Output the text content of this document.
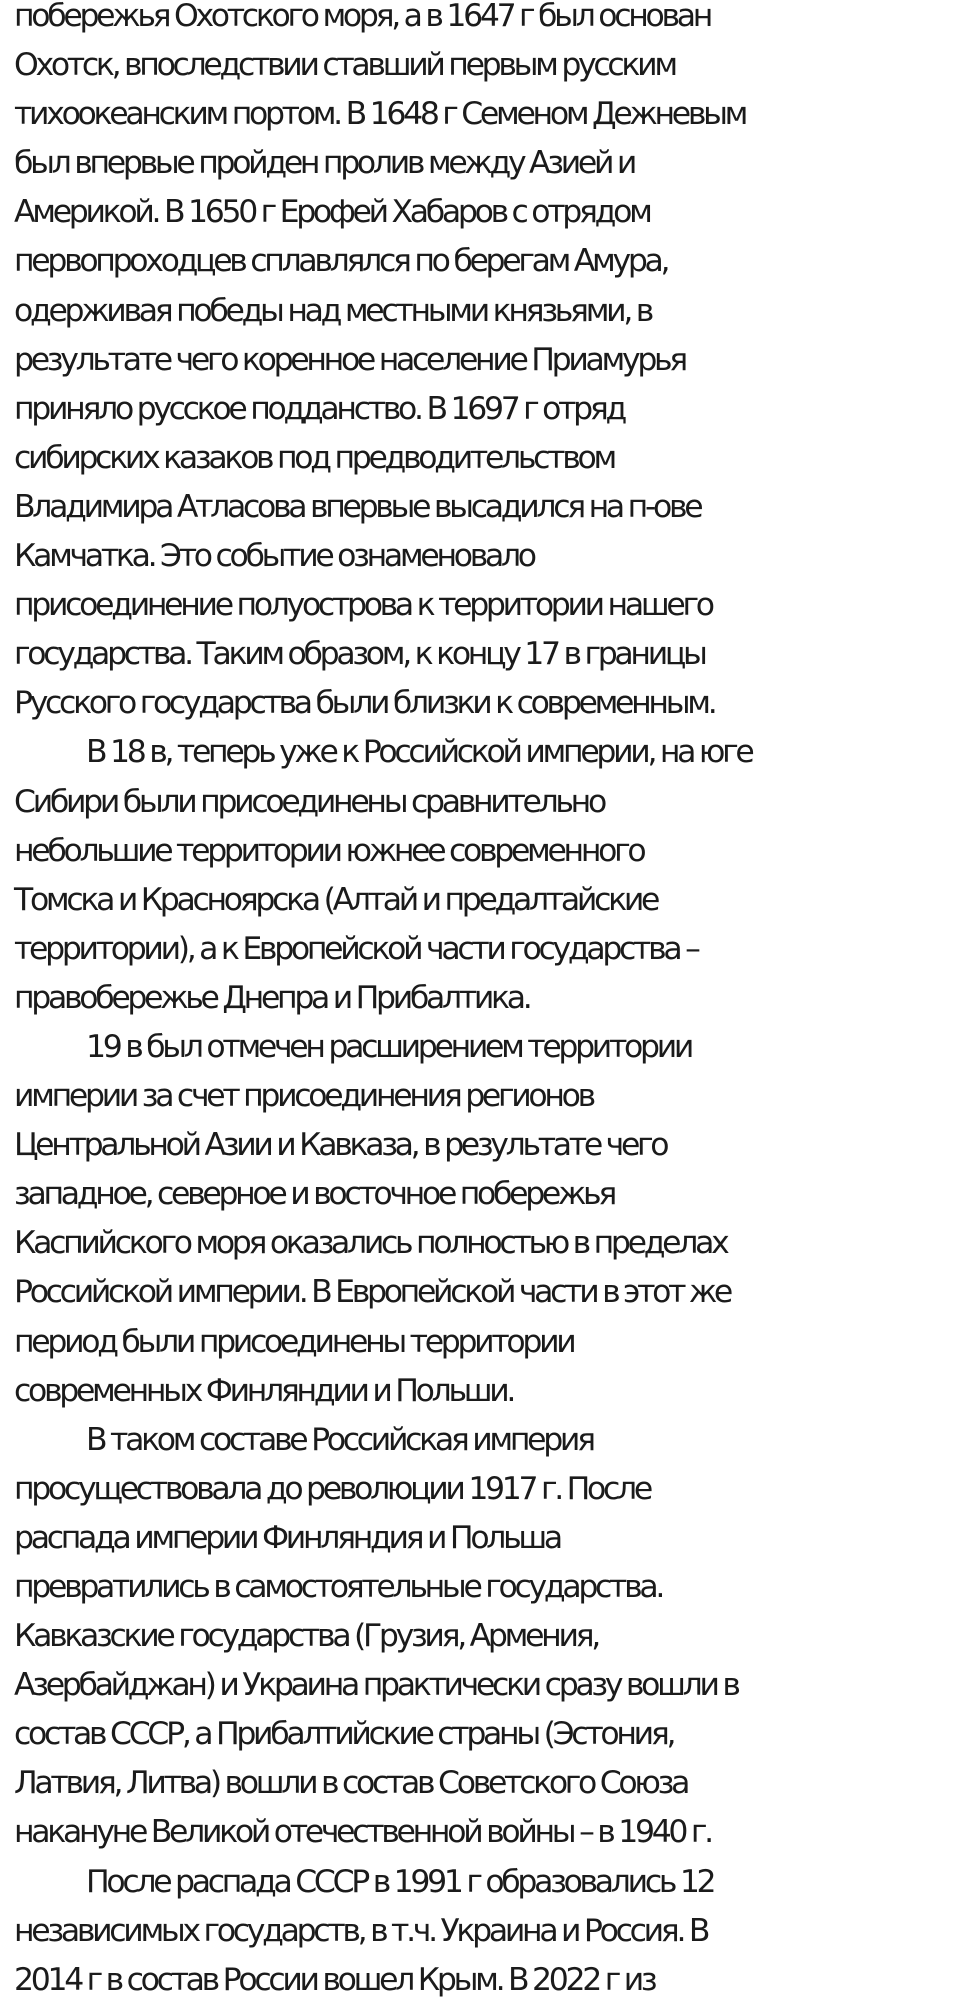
побережья Охотского моря, а в 1647 г был основан
Охотск, впоследствии ставший первым русским
тихоокеанским портом. В 1648 г Семеном Дежневым
был впервые пройден пролив между Азией и
Америкой. В 1650 г Ерофей Хабаров с отрядом
первопроходцев сплавлялся по берегам Амура,
одерживая победы над местными князьями, в
результате чего коренное население Приамурья
приняло русское подданство. В 1697 г отряд
сибирских казаков под предводительством
Владимира Атласова впервые высадился на п-ове
Камчатка. Это событие ознаменовало
присоединение полуострова к территории нашего
государства. Таким образом, к концу 17 в границы
Русского государства были близки к современным.
В 18 в, теперь уже к Российской империи, на юге
Сибири были присоединены сравнительно
небольшие территории южнее современного
Томска и Красноярска (Алтай и предалтайские
территории), а к Европейской части государства –
правобережье Днепра и Прибалтика.
19 в был отмечен расширением территории
империи за счет присоединения регионов
Центральной Азии и Кавказа, в результате чего
западное, северное и восточное побережья
Каспийского моря оказались полностью в пределах
Российской империи. В Европейской части в этот же
период были присоединены территории
современных Финляндии и Польши.
В таком составе Российская империя
просуществовала до революции 1917 г. После
распада империи Финляндия и Польша
превратились в самостоятельные государства.
Кавказские государства (Грузия, Армения,
Азербайджан) и Украина практически сразу вошли в
состав СССР, а Прибалтийские страны (Эстония,
Латвия, Литва) вошли в состав Советского Союза
накануне Великой отечественной войны – в 1940 г.
После распада СССР в 1991 г образовались 12
независимых государств, в т.ч. Украина и Россия. В
2014 г в состав России вошел Крым. В 2022 г из
